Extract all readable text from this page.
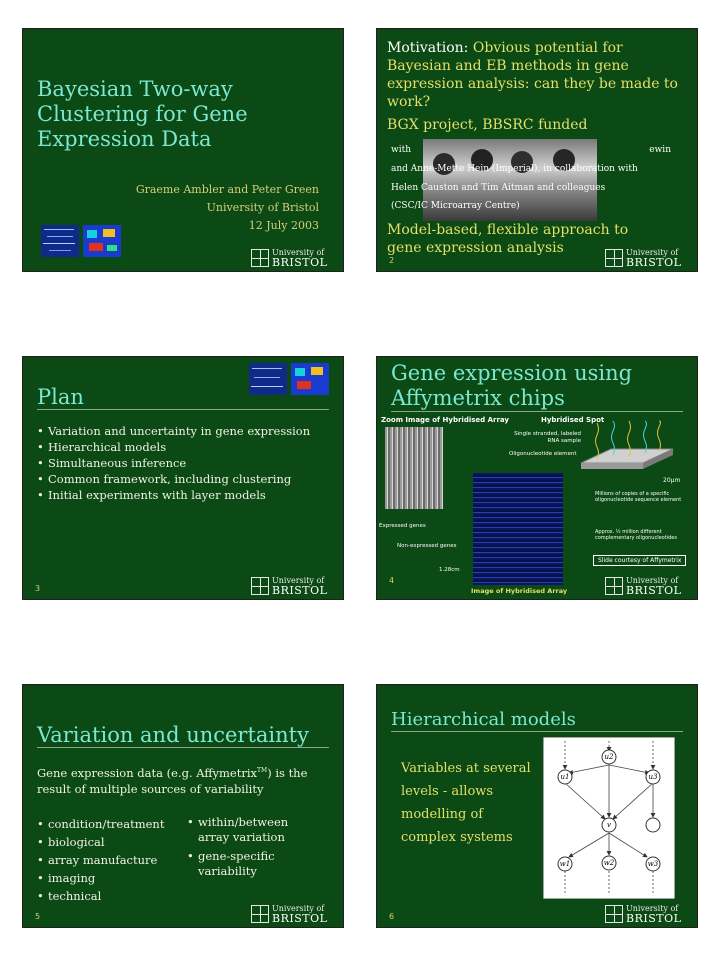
Bayesian Two-way Clustering for Gene Expression Data
Graeme Ambler and Peter Green
University of Bristol
12 July 2003
University of
BRISTOL
Motivation: Obvious potential for Bayesian and EB methods in gene expression analysis: can they be made to work?
BGX project, BBSRC funded
with	ewin
and Anne-Mette Hein (Imperial), in collaboration with
Helen Causton and Tim Aitman and colleagues
(CSC/IC Microarray Centre)
Model-based, flexible approach to gene expression analysis
2
University of
BRISTOL
Plan
• Variation and uncertainty in gene expression
• Hierarchical models
• Simultaneous inference
• Common framework, including clustering
• Initial experiments with layer models
3
University of
BRISTOL
Gene expression using Affymetrix chips
Zoom Image of Hybridised Array	Hybridised Spot
Single stranded, labeled RNA sample
Oligonucleotide element
20µm
Millions of copies of a specific oligonucleotide sequence element
Expressed genes
Approx. ½ million different complementary oligonucleotides
Non-expressed genes
Slide courtesy of Affymetrix
1.28cm
Image of Hybridised Array
4	University of
BRISTOL
Variation and uncertainty
Gene expression data (e.g. Affymetrix™) is the result of multiple sources of variability
• condition/treatment
• biological
• array manufacture
• imaging
• technical
• within/between array variation
• gene-specific variability
5
University of
BRISTOL
Hierarchical models
Variables at several levels - allows modelling of complex systems
u2
u1	u3
v
w1	w2	w3
6
University of
BRISTOL
